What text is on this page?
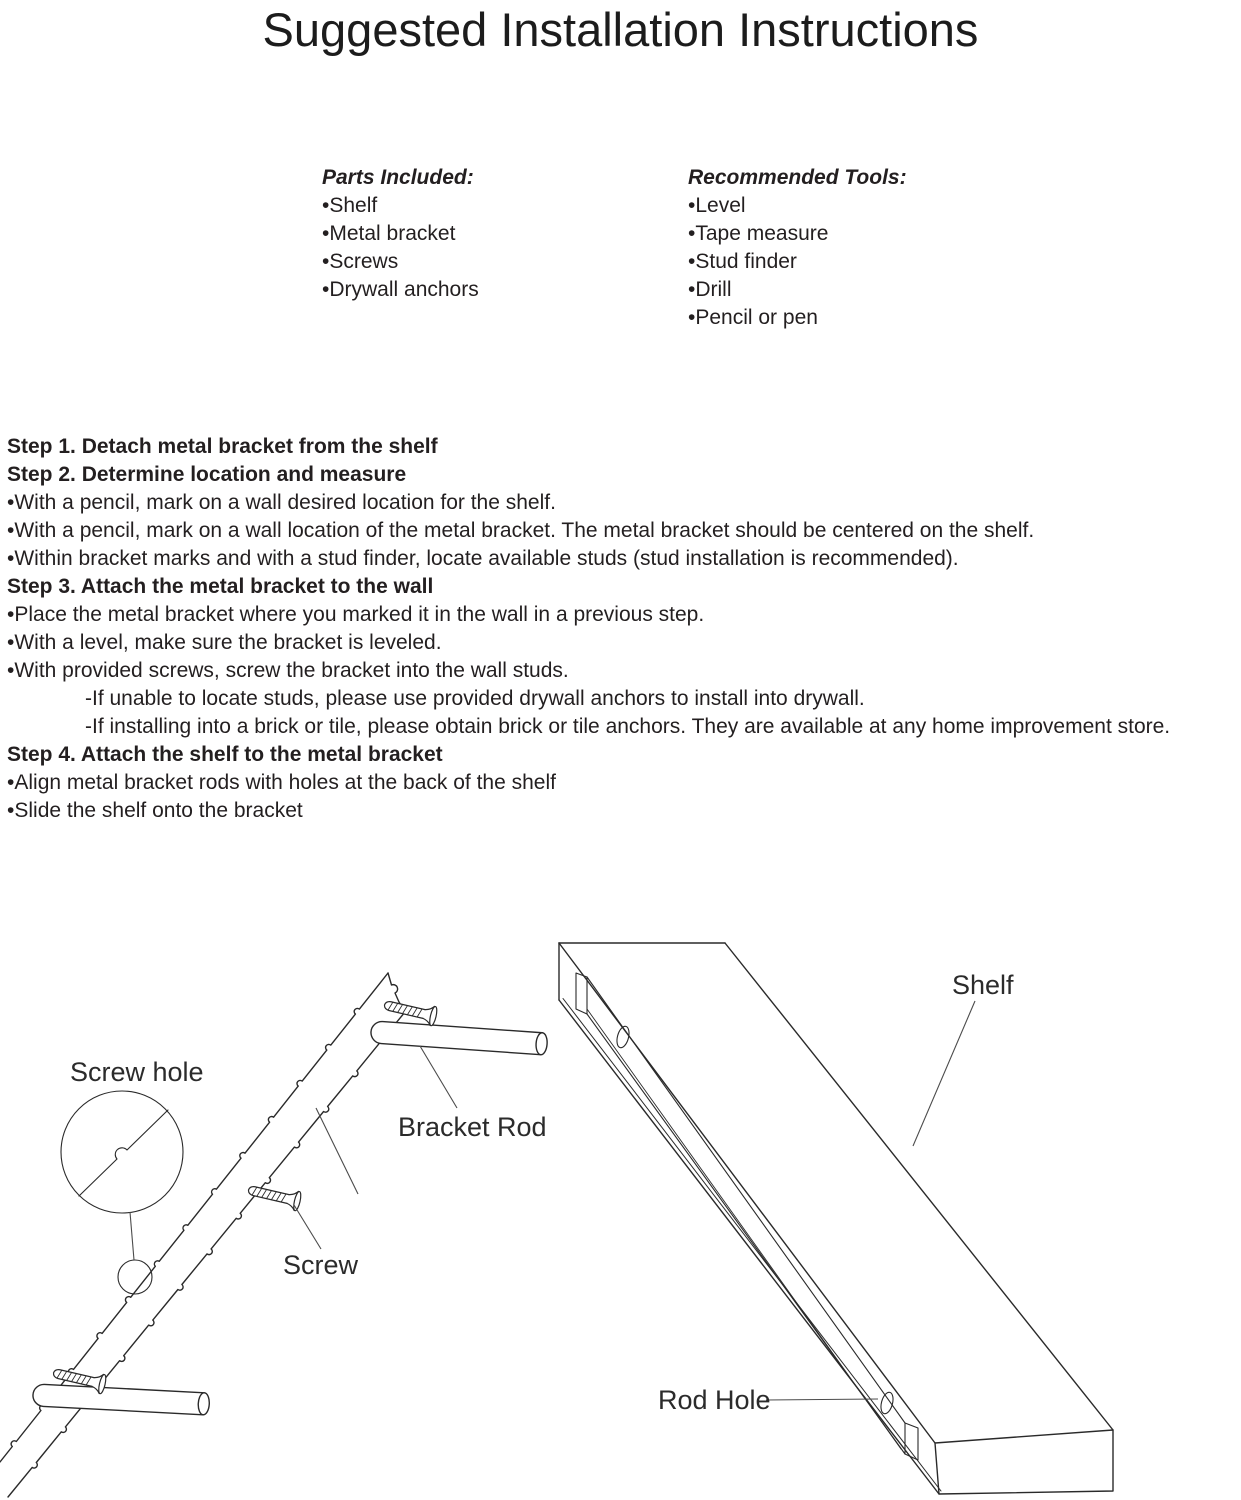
Suggested Installation Instructions
Parts Included:
•Shelf
•Metal bracket
•Screws
•Drywall anchors
Recommended Tools:
•Level
•Tape measure
•Stud finder
•Drill
•Pencil or pen
Step 1. Detach metal bracket from the shelf
Step 2. Determine location and measure
•With a pencil, mark on a wall desired location for the shelf.
•With a pencil, mark on a wall location of the metal bracket. The metal bracket should be centered on the shelf.
•Within bracket marks and with a stud finder, locate available studs (stud installation is recommended).
Step 3. Attach the metal bracket to the wall
•Place the metal bracket where you marked it in the wall in a previous step.
•With a level, make sure the bracket is leveled.
•With provided screws, screw the bracket into the wall studs.
-If unable to locate studs, please use provided drywall anchors to install into drywall.
-If installing into a brick or tile, please obtain brick or tile anchors. They are available at any home improvement store.
Step 4. Attach the shelf to the metal bracket
•Align metal bracket rods with holes at the back of the shelf
•Slide the shelf onto the bracket
Screw hole
Shelf
Bracket Rod
Screw
Rod Hole
